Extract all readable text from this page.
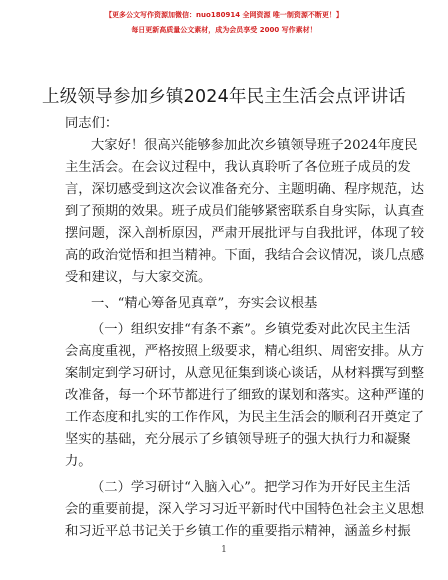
【更多公文写作资源加微信：nuo180914 全网资源 唯一制资源不断更！】
每日更新高质量公文素材，成为会员享受 2000 写作素材！
上级领导参加乡镇2024年民主生活会点评讲话
同志们：
大家好！很高兴能够参加此次乡镇领导班子2024年度民
主生活会。在会议过程中，我认真聆听了各位班子成员的发
言，深切感受到这次会议准备充分、主题明确、程序规范，达
到了预期的效果。班子成员们能够紧密联系自身实际，认真查
摆问题，深入剖析原因，严肃开展批评与自我批评，体现了较
高的政治觉悟和担当精神。下面，我结合会议情况，谈几点感
受和建议，与大家交流。
一、“精心筹备见真章”，夯实会议根基
（一）组织安排“有条不紊”。乡镇党委对此次民主生活
会高度重视，严格按照上级要求，精心组织、周密安排。从方
案制定到学习研讨，从意见征集到谈心谈话，从材料撰写到整
改准备，每一个环节都进行了细致的谋划和落实。这种严谨的
工作态度和扎实的工作作风，为民主生活会的顺利召开奠定了
坚实的基础，充分展示了乡镇领导班子的强大执行力和凝聚
力。
（二）学习研讨“入脑入心”。把学习作为开好民主生活
会的重要前提，深入学习习近平新时代中国特色社会主义思想
和习近平总书记关于乡镇工作的重要指示精神，涵盖乡村振
1
